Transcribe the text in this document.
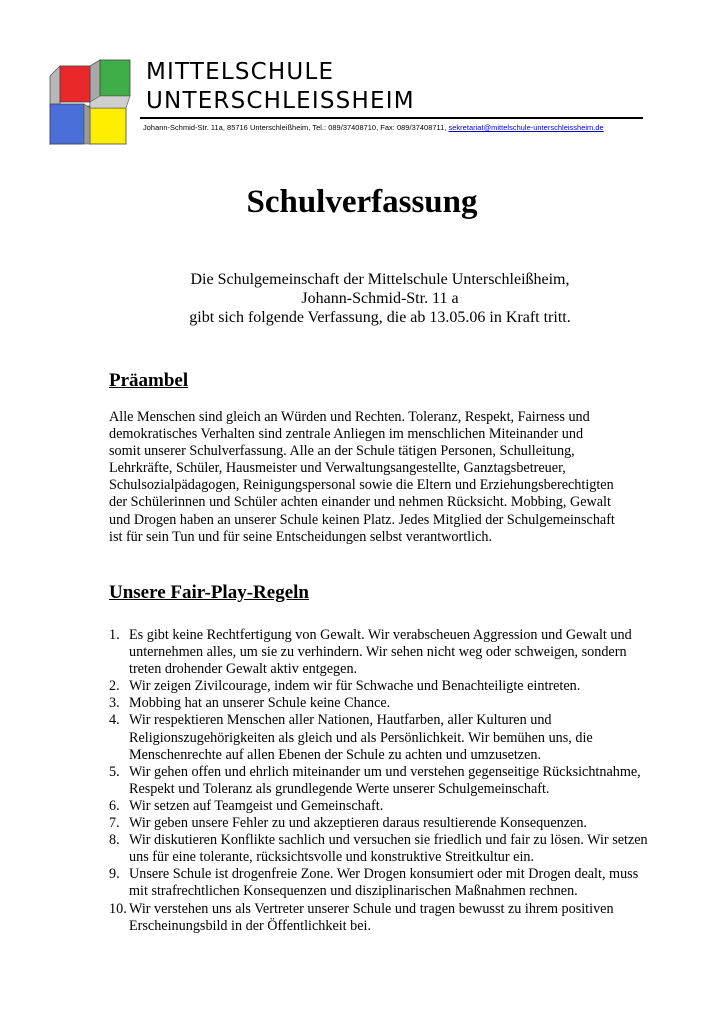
MITTELSCHULE
UNTERSCHLEISSHEIM
Johann-Schmid-Str. 11a, 85716 Unterschleißheim, Tel.: 089/37408710, Fax: 089/37408711, sekretariat@mittelschule-unterschleissheim.de
Schulverfassung
Die Schulgemeinschaft der Mittelschule Unterschleißheim,
Johann-Schmid-Str. 11 a
gibt sich folgende Verfassung, die ab 13.05.06 in Kraft tritt.
Präambel
Alle Menschen sind gleich an Würden und Rechten. Toleranz, Respekt, Fairness und
demokratisches Verhalten sind zentrale Anliegen im menschlichen Miteinander und
somit unserer Schulverfassung. Alle an der Schule tätigen Personen, Schulleitung,
Lehrkräfte, Schüler, Hausmeister und Verwaltungsangestellte, Ganztagsbetreuer,
Schulsozialpädagogen, Reinigungspersonal sowie die Eltern und Erziehungsberechtigten
der Schülerinnen und Schüler achten einander und nehmen Rücksicht. Mobbing, Gewalt
und Drogen haben an unserer Schule keinen Platz. Jedes Mitglied der Schulgemeinschaft
ist für sein Tun und für seine Entscheidungen selbst verantwortlich.
Unsere Fair-Play-Regeln
1. Es gibt keine Rechtfertigung von Gewalt. Wir verabscheuen Aggression und Gewalt und
unternehmen alles, um sie zu verhindern. Wir sehen nicht weg oder schweigen, sondern
treten drohender Gewalt aktiv entgegen.
2. Wir zeigen Zivilcourage, indem wir für Schwache und Benachteiligte eintreten.
3. Mobbing hat an unserer Schule keine Chance.
4. Wir respektieren Menschen aller Nationen, Hautfarben, aller Kulturen und
Religionszugehörigkeiten als gleich und als Persönlichkeit. Wir bemühen uns, die
Menschenrechte auf allen Ebenen der Schule zu achten und umzusetzen.
5. Wir gehen offen und ehrlich miteinander um und verstehen gegenseitige Rücksichtnahme,
Respekt und Toleranz als grundlegende Werte unserer Schulgemeinschaft.
6. Wir setzen auf Teamgeist und Gemeinschaft.
7. Wir geben unsere Fehler zu und akzeptieren daraus resultierende Konsequenzen.
8. Wir diskutieren Konflikte sachlich und versuchen sie friedlich und fair zu lösen. Wir setzen
uns für eine tolerante, rücksichtsvolle und konstruktive Streitkultur ein.
9. Unsere Schule ist drogenfreie Zone. Wer Drogen konsumiert oder mit Drogen dealt, muss
mit strafrechtlichen Konsequenzen und disziplinarischen Maßnahmen rechnen.
10. Wir verstehen uns als Vertreter unserer Schule und tragen bewusst zu ihrem positiven
Erscheinungsbild in der Öffentlichkeit bei.
